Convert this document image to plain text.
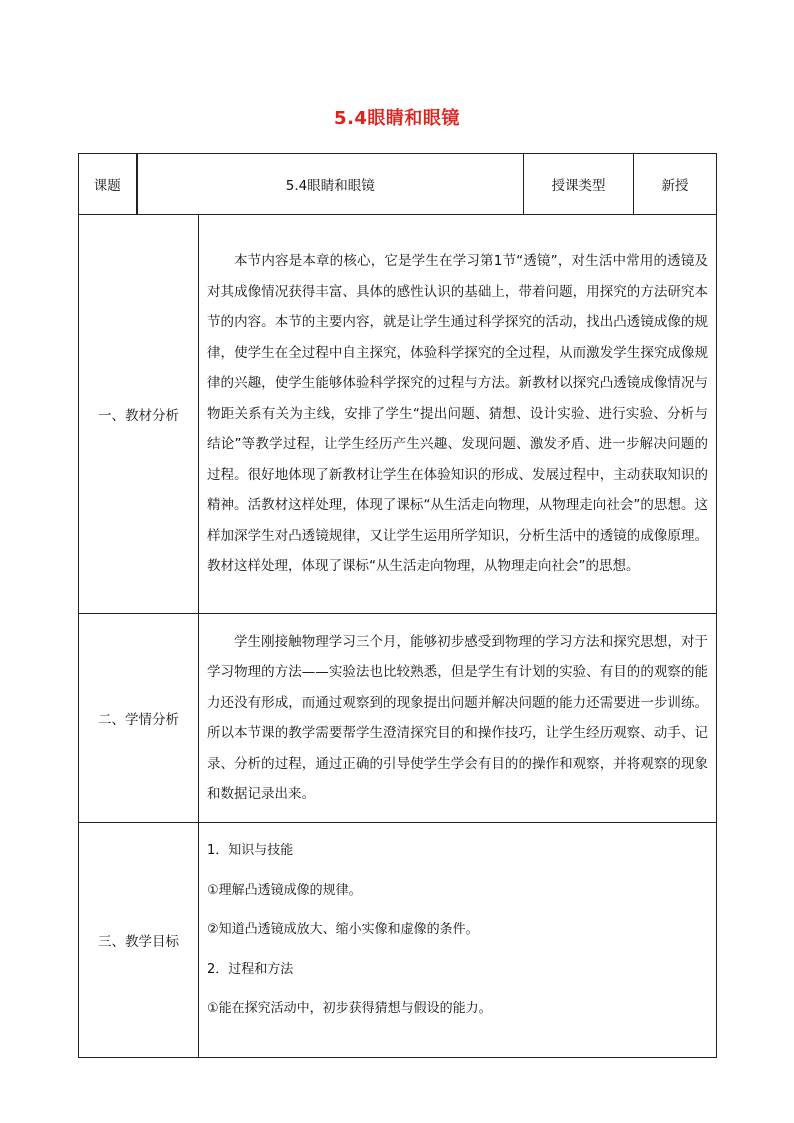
5.4眼睛和眼镜
课题	5.4眼睛和眼镜		授课类型	新授
一、教材分析		本节内容是本章的核心，它是学生在学习第1节“透镜”，对生活中常用的透镜及对其成像情况获得丰富、具体的感性认识的基础上，带着问题，用探究的方法研究本节的内容。本节的主要内容，就是让学生通过科学探究的活动，找出凸透镜成像的规律，使学生在全过程中自主探究，体验科学探究的全过程，从而激发学生探究成像规律的兴趣，使学生能够体验科学探究的过程与方法。新教材以探究凸透镜成像情况与物距关系有关为主线，安排了学生“提出问题、猜想、设计实验、进行实验、分析与结论”等教学过程，让学生经历产生兴趣、发现问题、激发矛盾、进一步解决问题的过程。很好地体现了新教材让学生在体验知识的形成、发展过程中，主动获取知识的精神。活教材这样处理，体现了课标“从生活走向物理，从物理走向社会”的思想。这样加深学生对凸透镜规律，又让学生运用所学知识，分析生活中的透镜的成像原理。教材这样处理，体现了课标“从生活走向物理，从物理走向社会”的思想。		
二、学情分析		学生刚接触物理学习三个月，能够初步感受到物理的学习方法和探究思想，对于学习物理的方法——实验法也比较熟悉，但是学生有计划的实验、有目的的观察的能力还没有形成，而通过观察到的现象提出问题并解决问题的能力还需要进一步训练。所以本节课的教学需要帮学生澄清探究目的和操作技巧，让学生经历观察、动手、记录、分析的过程，通过正确的引导使学生学会有目的的操作和观察，并将观察的现象和数据记录出来。		
三、教学目标		1．知识与技能
①理解凸透镜成像的规律。
②知道凸透镜成放大、缩小实像和虚像的条件。
2．过程和方法
①能在探究活动中，初步获得猜想与假设的能力。		
